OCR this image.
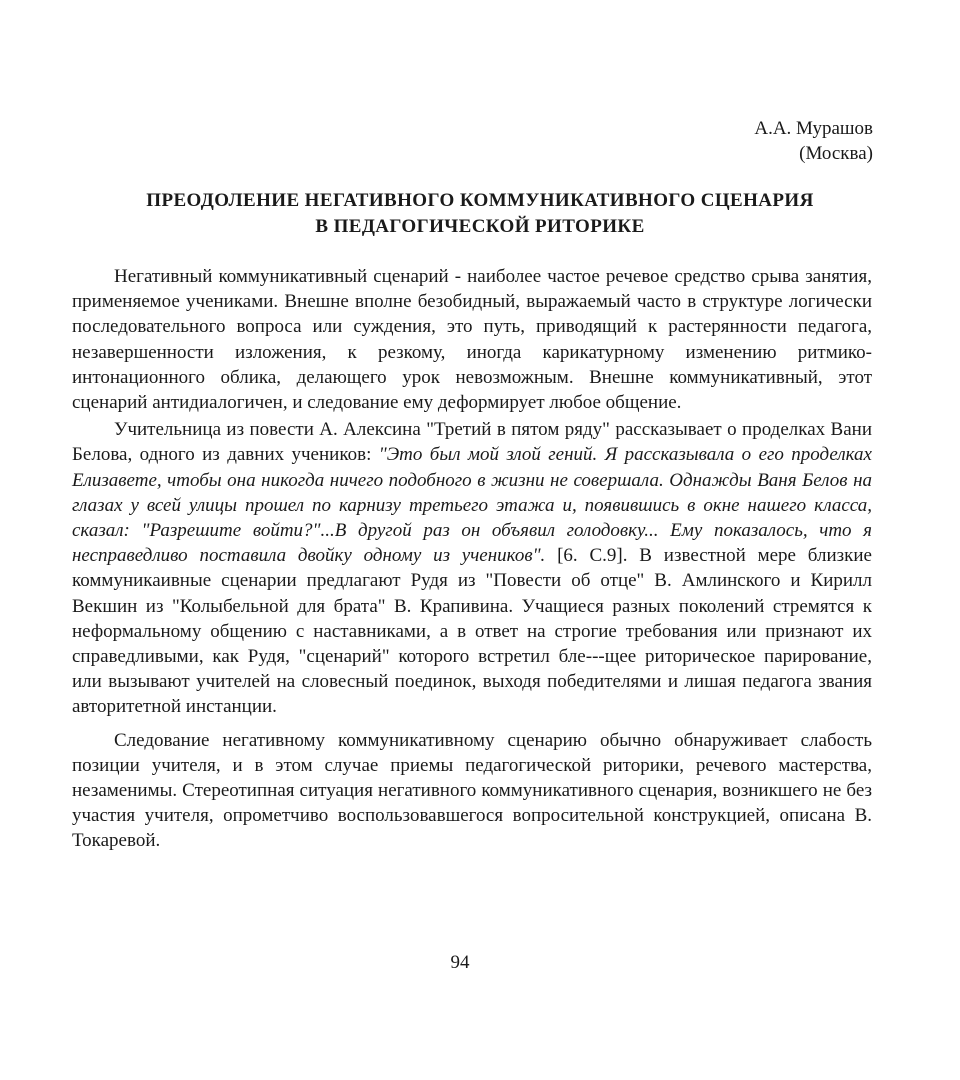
А.А. Мурашов
(Москва)
ПРЕОДОЛЕНИЕ НЕГАТИВНОГО КОММУНИКАТИВНОГО СЦЕНАРИЯ
В ПЕДАГОГИЧЕСКОЙ РИТОРИКЕ

Негативный коммуникативный сценарий - наиболее частое речевое средство срыва занятия, применяемое учениками. Внешне вполне безобидный, выражаемый часто в структуре логически последовательного вопроса или суждения, это путь, приводящий к растерянности педагога, незавершенности изложения, к резкому, иногда карикатурному изменению ритмико-интонационного облика, делающего урок невозможным. Внешне коммуникативный, этот сценарий антидиалогичен, и следование ему деформирует любое общение.

Учительница из повести А. Алексина "Третий в пятом ряду" рассказывает о проделках Вани Белова, одного из давних учеников: "Это был мой злой гений. Я рассказывала о его проделках Елизавете, чтобы она никогда ничего подобного в жизни не совершала. Однажды Ваня Белов на глазах у всей улицы прошел по карнизу третьего этажа и, появившись в окне нашего класса, сказал: "Разрешите войти?"...В другой раз он объявил голодовку... Ему показалось, что я несправедливо поставила двойку одному из учеников". [6. С.9]. В известной мере близкие коммуникаивные сценарии предлагают Рудя из "Повести об отце" В. Амлинского и Кирилл Векшин из "Колыбельной для брата" В. Крапивина. Учащиеся разных поколений стремятся к неформальному общению с наставниками, а в ответ на строгие требования или признают их справедливыми, как Рудя, "сценарий" которого встретил бле---щее риторическое парирование, или вызывают учителей на словесный поединок, выходя победителями и лишая педагога звания авторитетной инстанции.

Следование негативному коммуникативному сценарию обычно обнаруживает слабость позиции учителя, и в этом случае приемы педагогической риторики, речевого мастерства, незаменимы. Стереотипная ситуация негативного коммуникативного сценария, возникшего не без участия учителя, опрометчиво воспользовавшегося вопросительной конструкцией, описана В. Токаревой.

94
